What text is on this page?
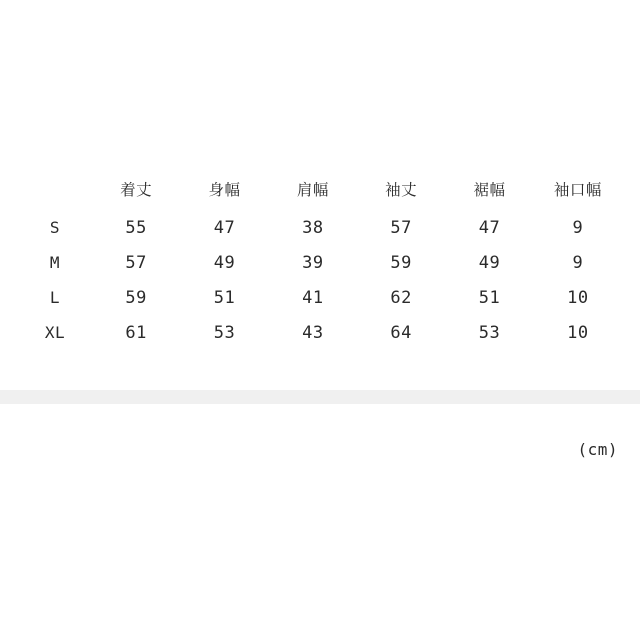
	着丈	身幅	肩幅	袖丈	裾幅	袖口幅
S	55	47	38	57	47	9
M	57	49	39	59	49	9
L	59	51	41	62	51	10
XL	61	53	43	64	53	10
(cm)
